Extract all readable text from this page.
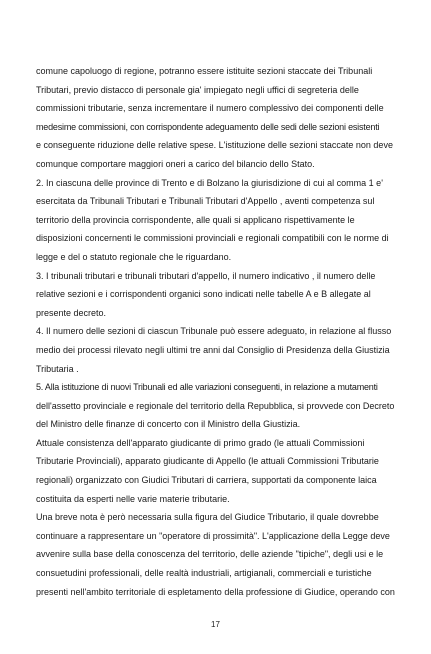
comune capoluogo di regione, potranno essere istituite sezioni staccate dei Tribunali
Tributari, previo distacco di personale gia' impiegato negli uffici di segreteria delle
commissioni tributarie, senza incrementare il numero complessivo dei componenti delle
medesime commissioni, con corrispondente adeguamento delle sedi delle sezioni esistenti
e conseguente riduzione delle relative spese. L'istituzione delle sezioni staccate non deve
comunque comportare maggiori oneri a carico del bilancio dello Stato.
2. In ciascuna delle province di Trento e di Bolzano la giurisdizione di cui al comma 1 e'
esercitata da Tribunali Tributari e Tribunali Tributari d'Appello , aventi competenza sul
territorio della provincia corrispondente, alle quali si applicano rispettivamente le
disposizioni concernenti le commissioni provinciali e regionali compatibili con le norme di
legge e del o statuto regionale che le riguardano.
3. I tribunali tributari e tribunali tributari d'appello, il numero indicativo , il numero delle
relative sezioni e i corrispondenti organici sono indicati nelle tabelle A e B allegate al
presente decreto.
4. Il numero delle sezioni di ciascun Tribunale può essere adeguato, in relazione al flusso
medio dei processi rilevato negli ultimi tre anni dal Consiglio di Presidenza della Giustizia
Tributaria .
5. Alla istituzione di nuovi Tribunali ed alle variazioni conseguenti, in relazione a mutamenti
dell'assetto provinciale e regionale del territorio della Repubblica, si provvede con Decreto
del Ministro delle finanze di concerto con il Ministro della Giustizia.
Attuale consistenza dell'apparato giudicante di primo grado (le attuali Commissioni
Tributarie Provinciali), apparato giudicante di Appello (le attuali Commissioni Tributarie
regionali) organizzato con Giudici Tributari di carriera, supportati da componente laica
costituita da esperti nelle varie materie tributarie.
Una breve nota è però necessaria sulla figura del Giudice Tributario, il quale dovrebbe
continuare a rappresentare un "operatore di prossimità". L'applicazione della Legge deve
avvenire sulla base della conoscenza del territorio, delle aziende "tipiche", degli usi e le
consuetudini professionali, delle realtà industriali, artigianali, commerciali e turistiche
presenti nell'ambito territoriale di espletamento della professione di Giudice, operando con
17
